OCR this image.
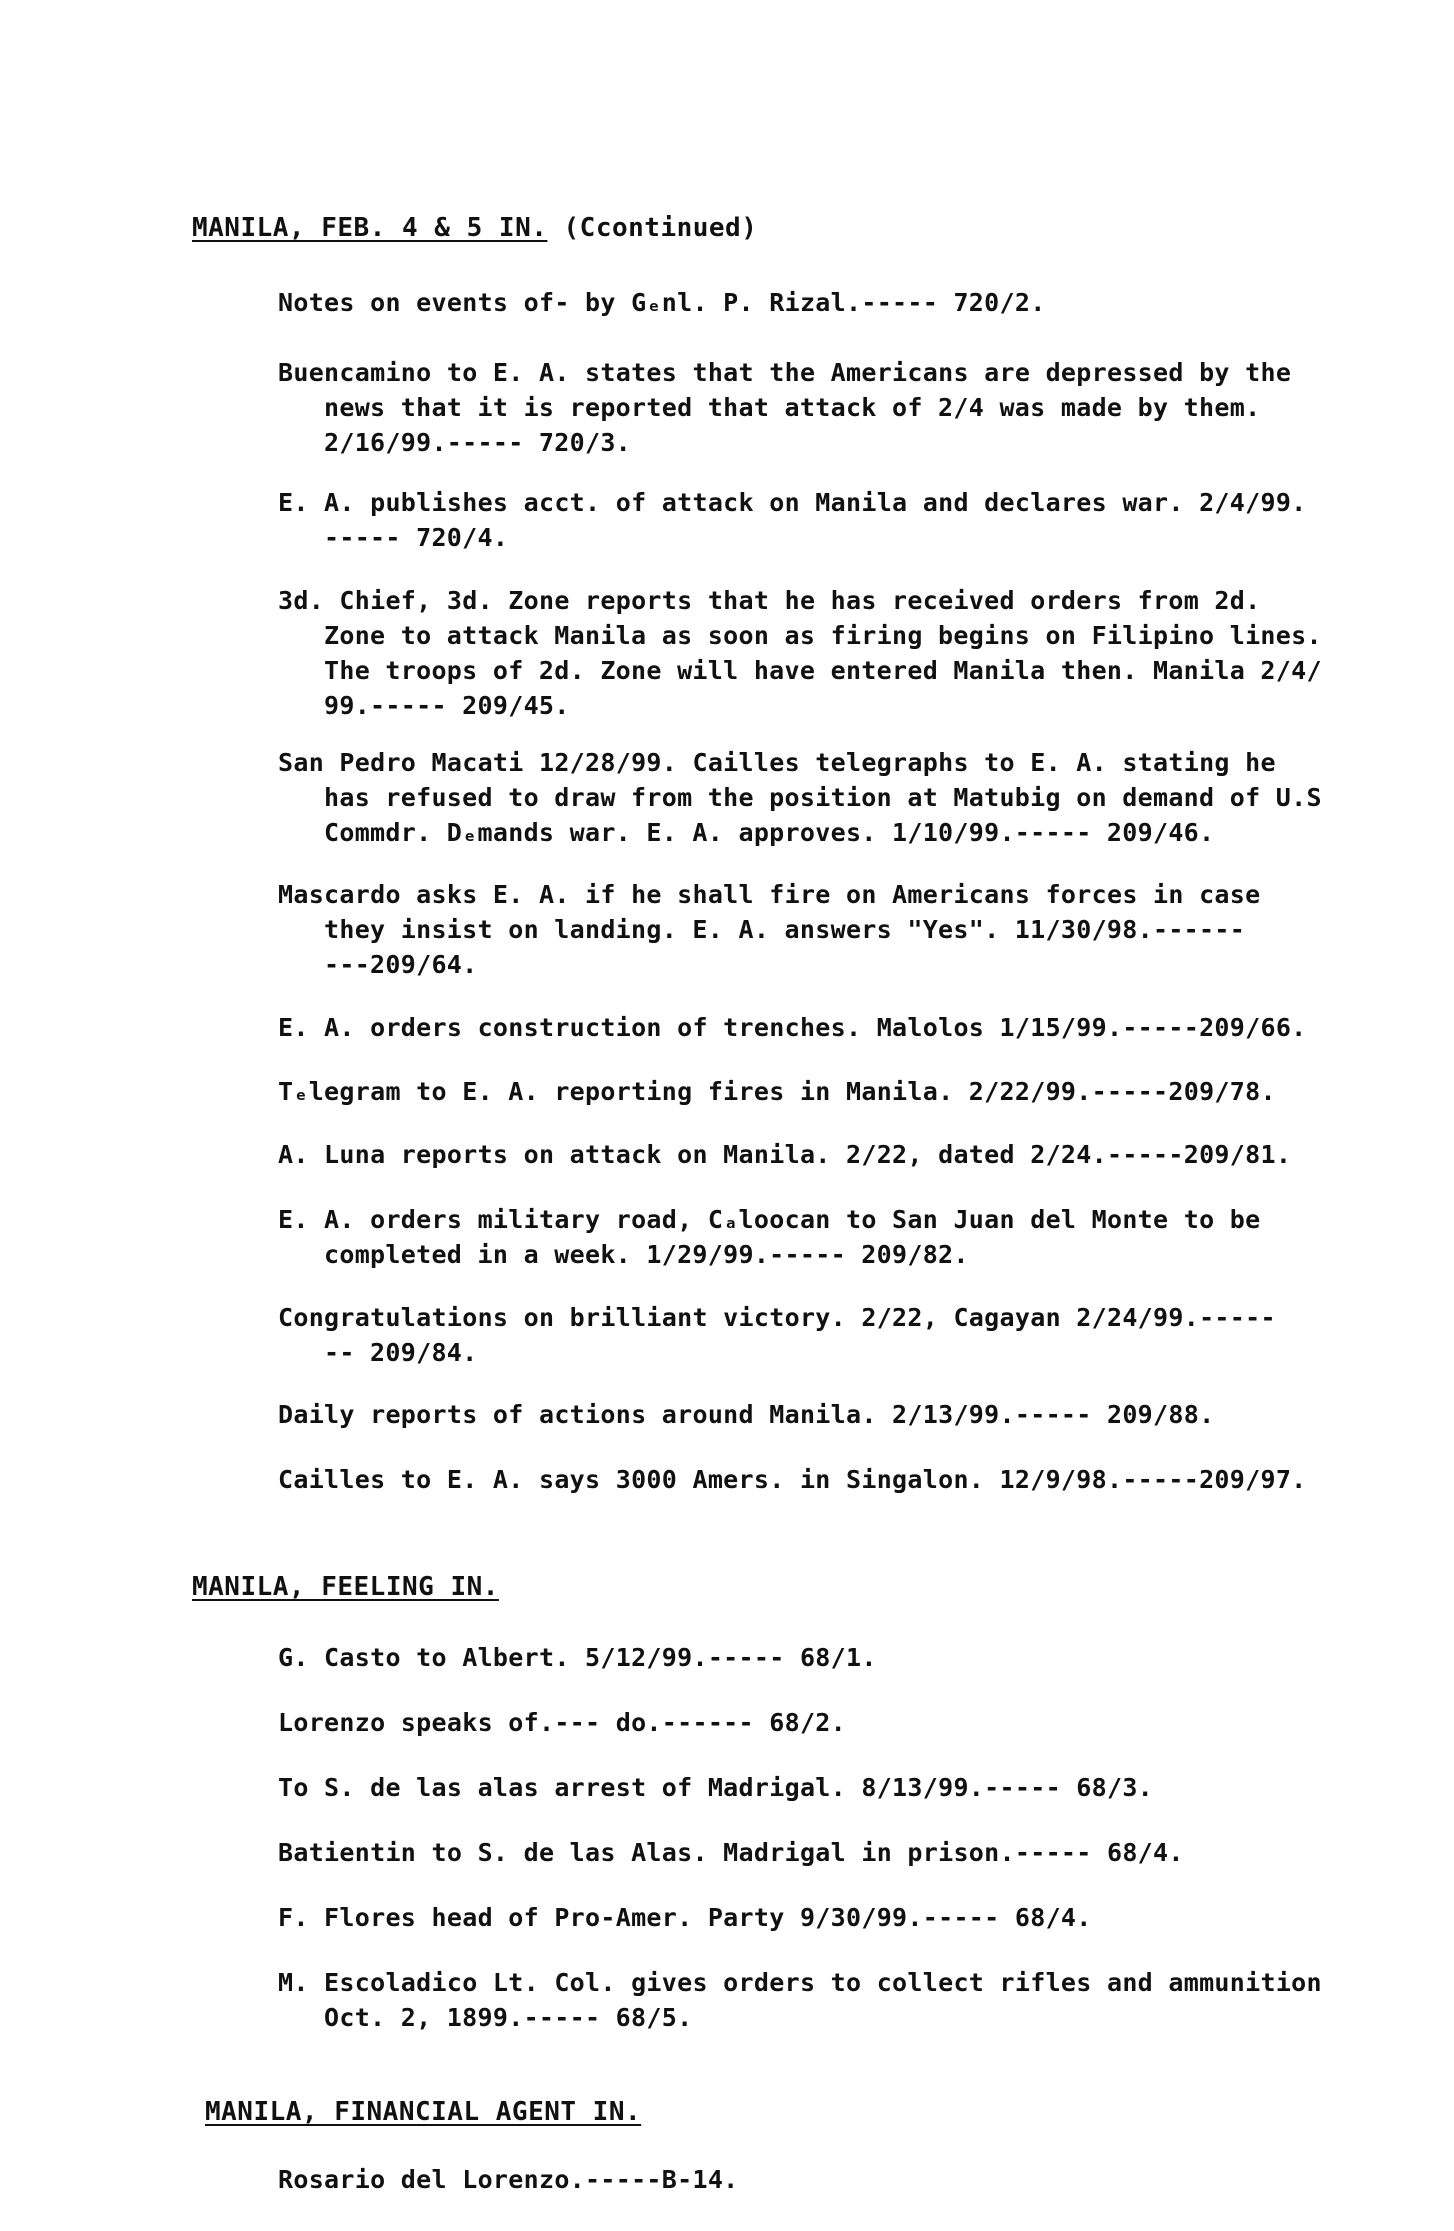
MANILA, FEB. 4 & 5 IN. (Ccontinued)
Notes on events of- by Gₑnl. P. Rizal.----- 720/2.
Buencamino to E. A. states that the Americans are depressed by the
news that it is reported that attack of 2/4 was made by them.
2/16/99.----- 720/3.
E. A. publishes acct. of attack on Manila and declares war. 2/4/99.
----- 720/4.
3d. Chief, 3d. Zone reports that he has received orders from 2d.
Zone to attack Manila as soon as firing begins on Filipino lines.
The troops of 2d. Zone will have entered Manila then. Manila 2/4/
99.----- 209/45.
San Pedro Macati 12/28/99. Cailles telegraphs to E. A. stating he
has refused to draw from the position at Matubig on demand of U.S
Commdr. Dₑmands war. E. A. approves. 1/10/99.----- 209/46.
Mascardo asks E. A. if he shall fire on Americans forces in case
they insist on landing. E. A. answers "Yes". 11/30/98.------
---209/64.
E. A. orders construction of trenches. Malolos 1/15/99.-----209/66.
Tₑlegram to E. A. reporting fires in Manila. 2/22/99.-----209/78.
A. Luna reports on attack on Manila. 2/22, dated 2/24.-----209/81.
E. A. orders military road, Cₐloocan to San Juan del Monte to be
completed in a week. 1/29/99.----- 209/82.
Congratulations on brilliant victory. 2/22, Cagayan 2/24/99.-----
-- 209/84.
Daily reports of actions around Manila. 2/13/99.----- 209/88.
Cailles to E. A. says 3000 Amers. in Singalon. 12/9/98.-----209/97.
MANILA, FEELING IN.
G. Casto to Albert. 5/12/99.----- 68/1.
Lorenzo speaks of.--- do.------ 68/2.
To S. de las alas arrest of Madrigal. 8/13/99.----- 68/3.
Batientin to S. de las Alas. Madrigal in prison.----- 68/4.
F. Flores head of Pro-Amer. Party 9/30/99.----- 68/4.
M. Escoladico Lt. Col. gives orders to collect rifles and ammunition
Oct. 2, 1899.----- 68/5.
MANILA, FINANCIAL AGENT IN.
Rosario del Lorenzo.-----B-14.
